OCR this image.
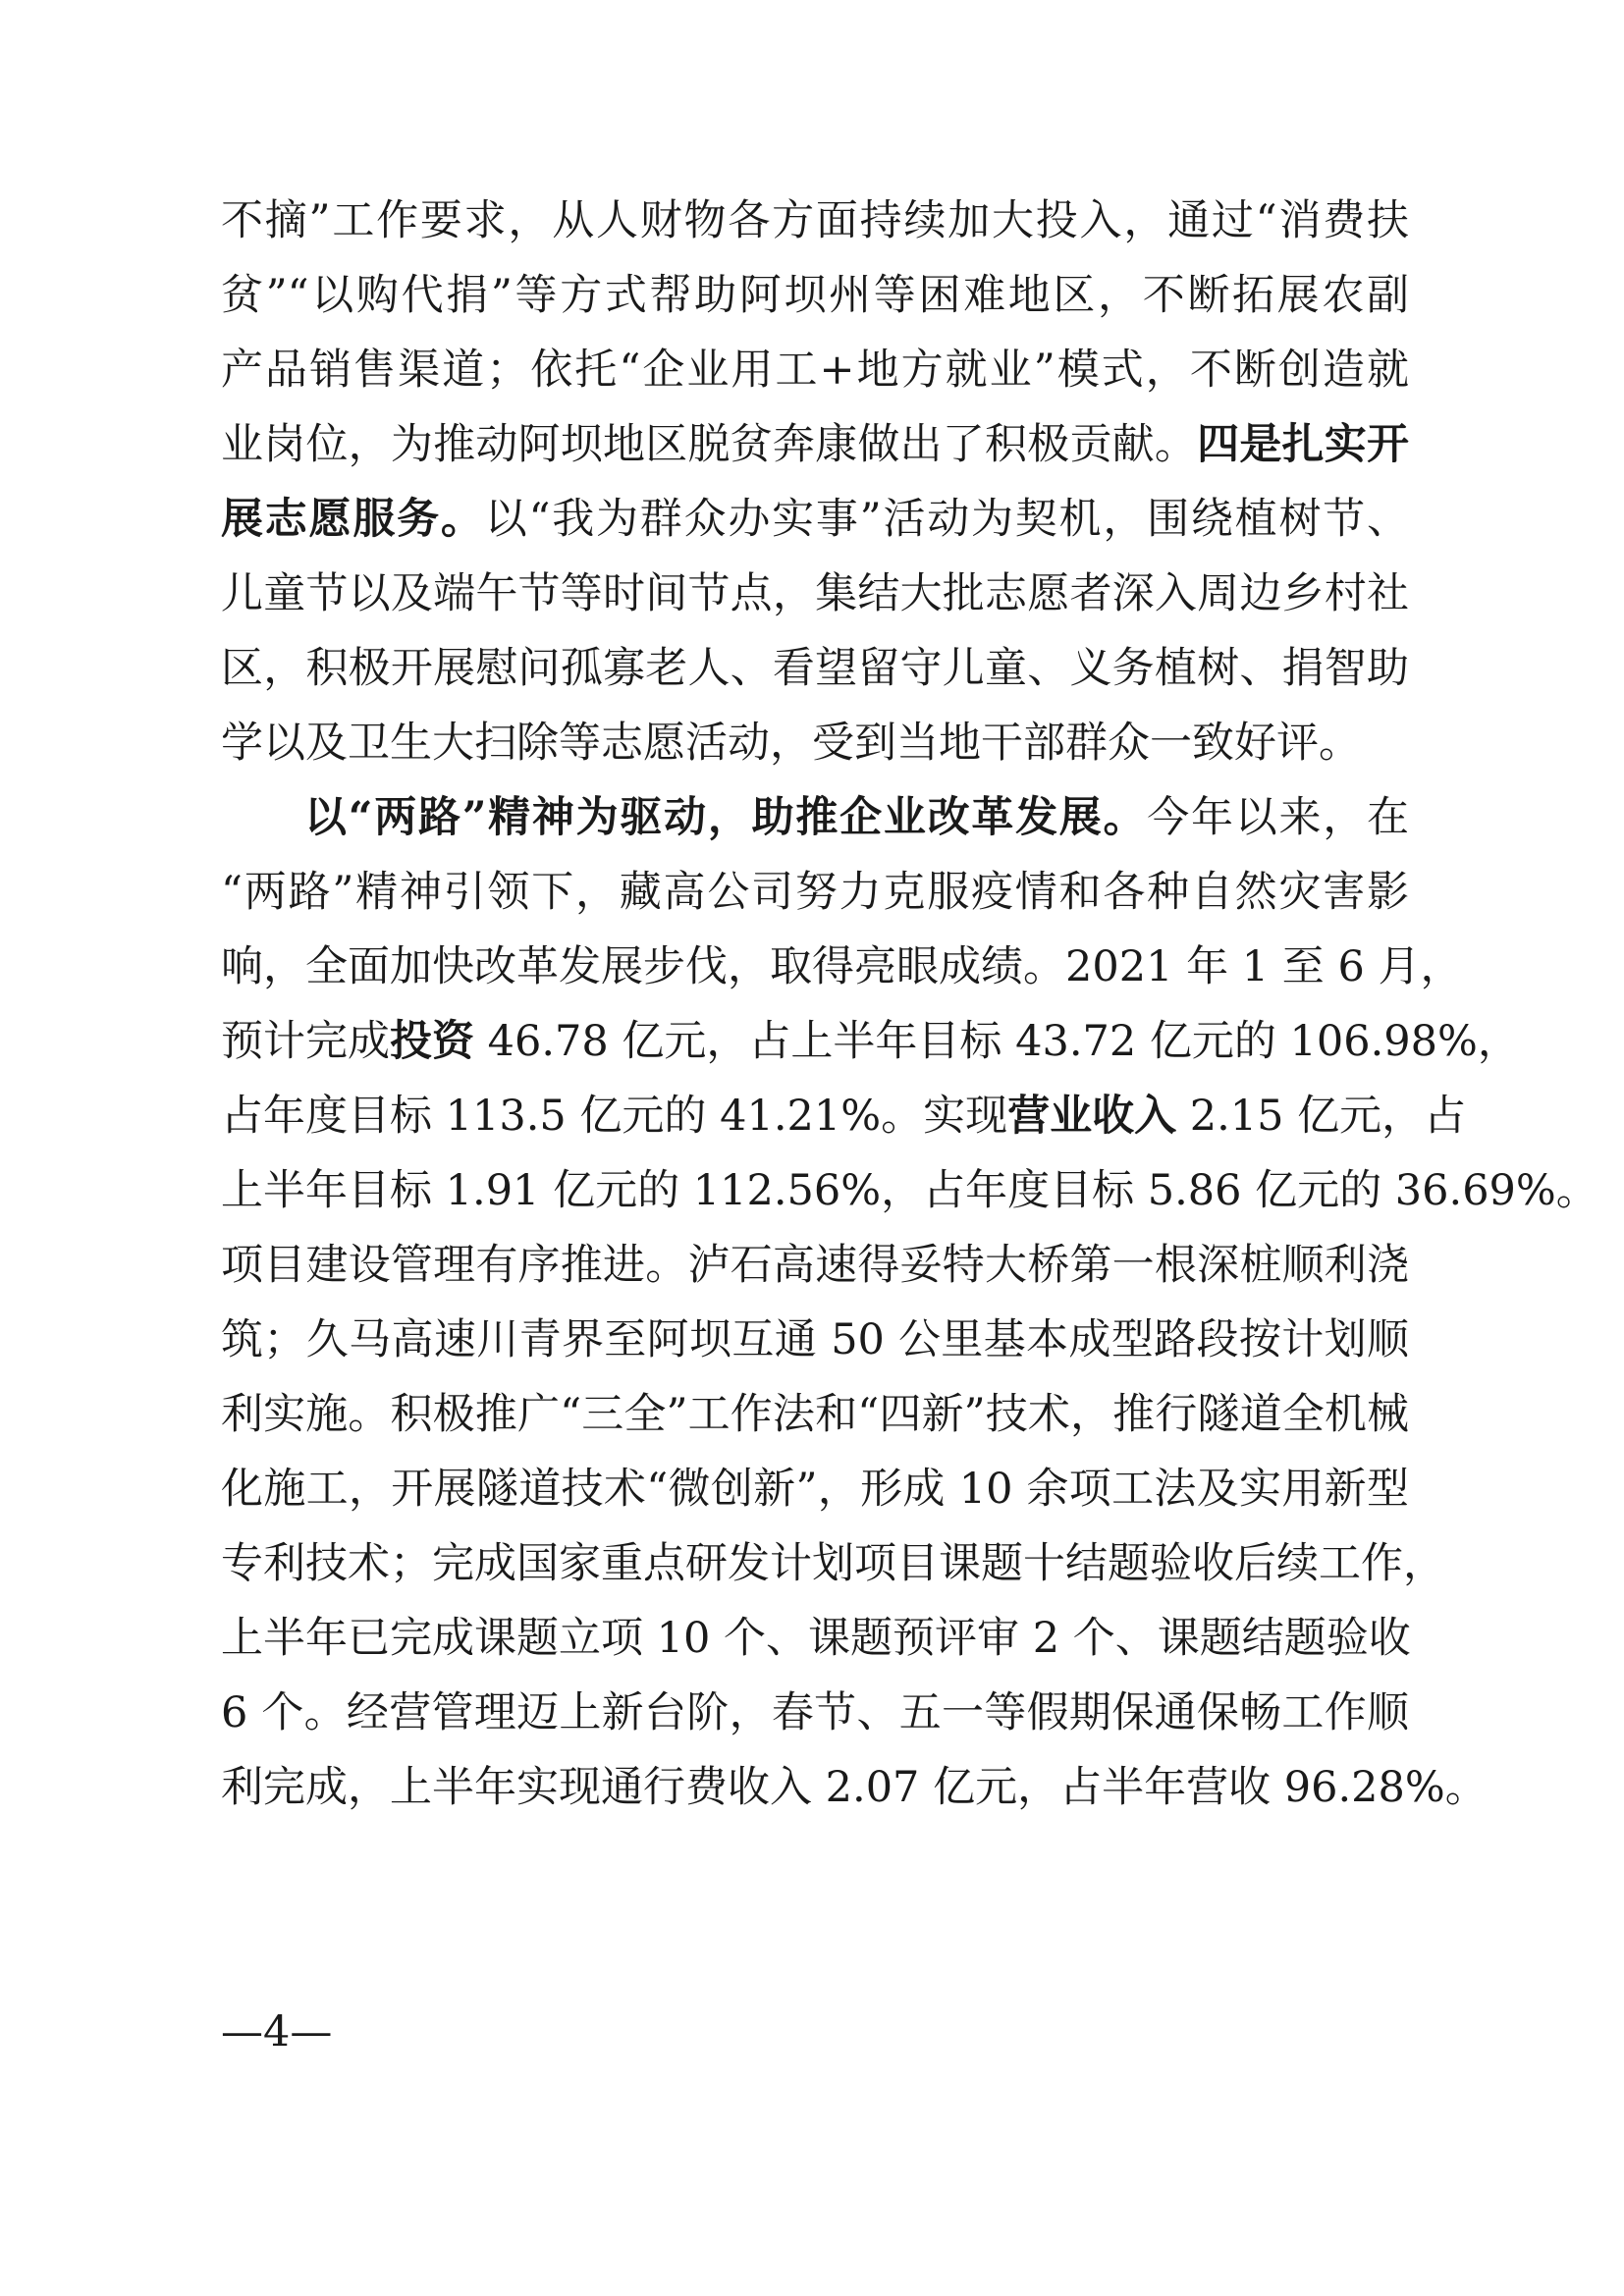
不摘”工作要求，从人财物各方面持续加大投入，通过“消费扶
贫”“以购代捐”等方式帮助阿坝州等困难地区，不断拓展农副
产品销售渠道；依托“企业用工+地方就业”模式，不断创造就
业岗位，为推动阿坝地区脱贫奔康做出了积极贡献。四是扎实开
展志愿服务。以“我为群众办实事”活动为契机，围绕植树节、
儿童节以及端午节等时间节点，集结大批志愿者深入周边乡村社
区，积极开展慰问孤寡老人、看望留守儿童、义务植树、捐智助
学以及卫生大扫除等志愿活动，受到当地干部群众一致好评。
以“两路”精神为驱动，助推企业改革发展。今年以来，在
“两路”精神引领下，藏高公司努力克服疫情和各种自然灾害影
响，全面加快改革发展步伐，取得亮眼成绩。2021 年 1 至 6 月，
预计完成投资 46.78 亿元，占上半年目标 43.72 亿元的 106.98%，
占年度目标 113.5 亿元的 41.21%。实现营业收入 2.15 亿元，占
上半年目标 1.91 亿元的 112.56%，占年度目标 5.86 亿元的 36.69%。
项目建设管理有序推进。泸石高速得妥特大桥第一根深桩顺利浇
筑；久马高速川青界至阿坝互通 50 公里基本成型路段按计划顺
利实施。积极推广“三全”工作法和“四新”技术，推行隧道全机械
化施工，开展隧道技术“微创新”，形成 10 余项工法及实用新型
专利技术；完成国家重点研发计划项目课题十结题验收后续工作，
上半年已完成课题立项 10 个、课题预评审 2 个、课题结题验收
6 个。经营管理迈上新台阶，春节、五一等假期保通保畅工作顺
利完成，上半年实现通行费收入 2.07 亿元，占半年营收 96.28%。
—4—
